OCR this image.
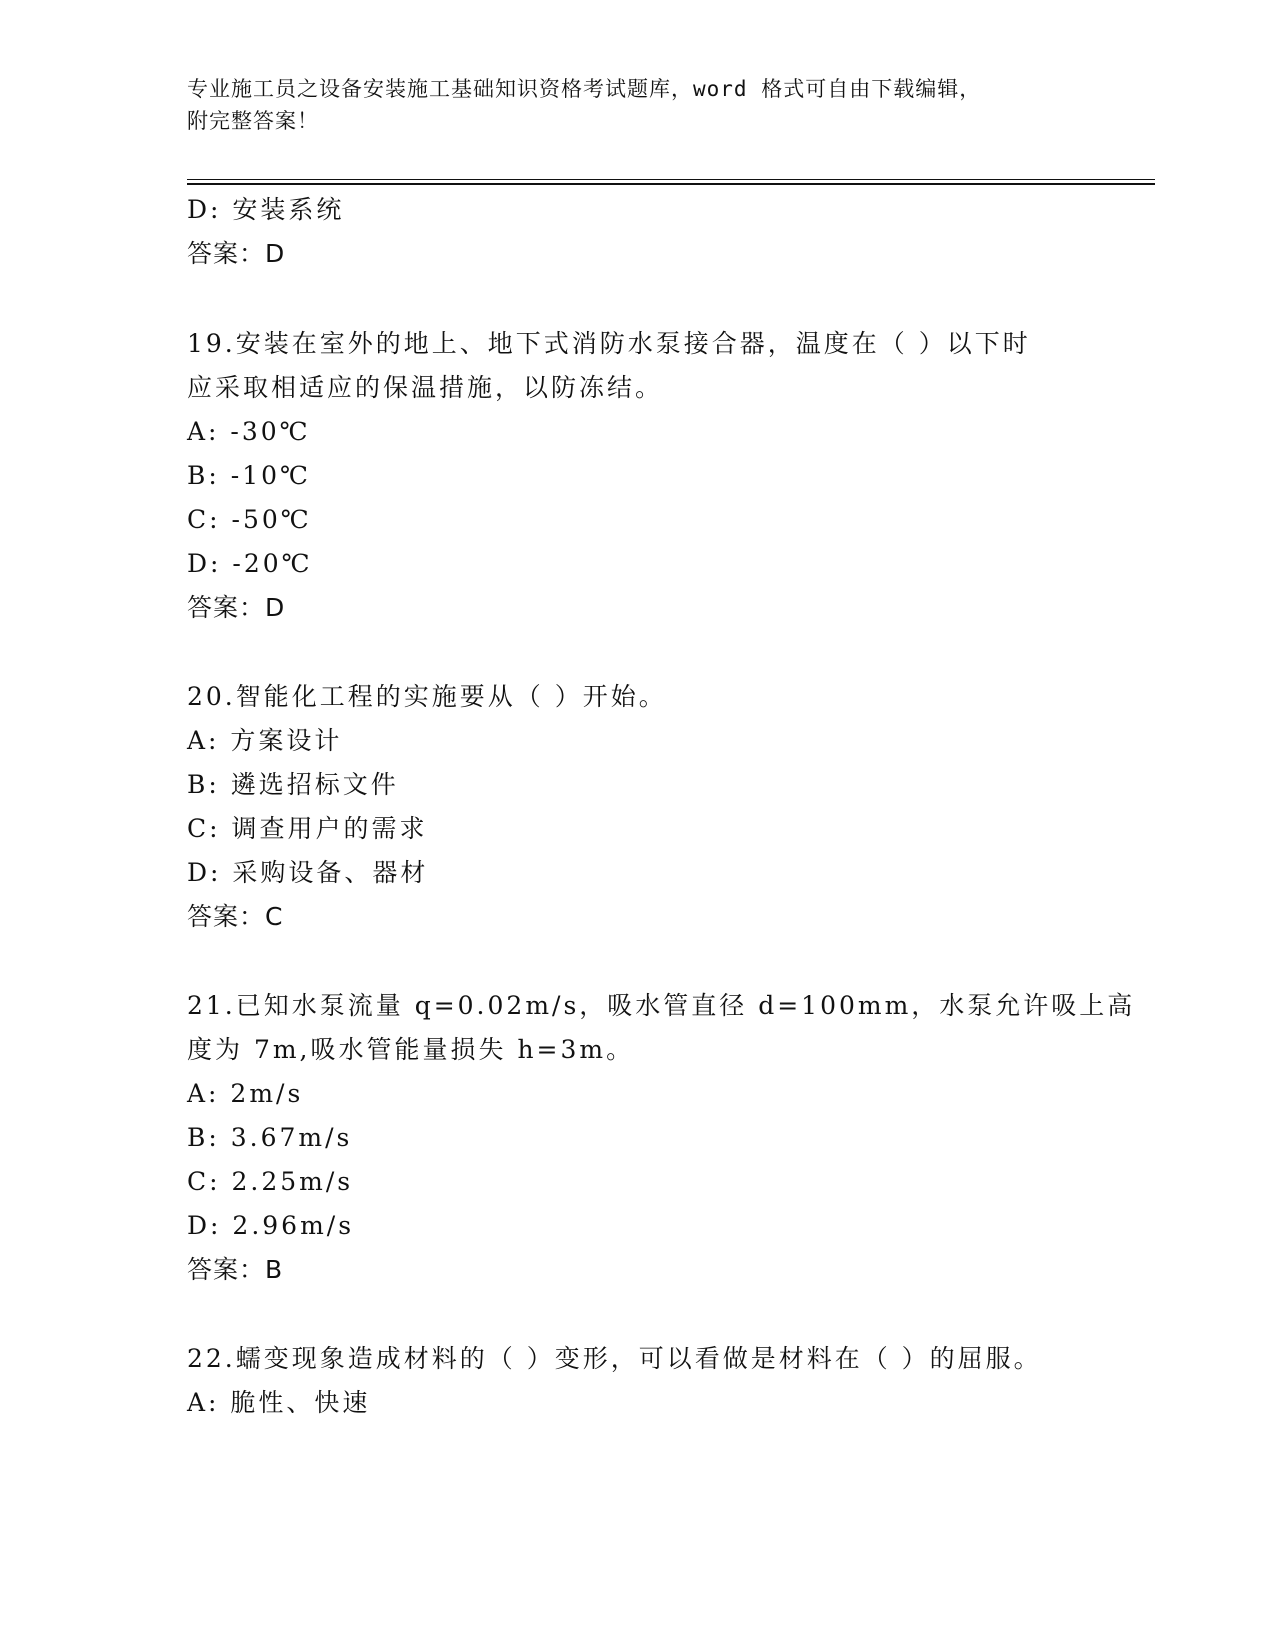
专业施工员之设备安装施工基础知识资格考试题库，word 格式可自由下载编辑，
附完整答案！
D: 安装系统
答案：D
19.安装在室外的地上、地下式消防水泵接合器，温度在（ ）以下时
应采取相适应的保温措施，以防冻结。
A: -30℃
B: -10℃
C: -50℃
D: -20℃
答案：D
20.智能化工程的实施要从（ ）开始。
A: 方案设计
B: 遴选招标文件
C: 调查用户的需求
D: 采购设备、器材
答案：C
21.已知水泵流量 q=0.02m/s，吸水管直径 d=100mm，水泵允许吸上高
度为 7m,吸水管能量损失 h=3m。
A: 2m/s
B: 3.67m/s
C: 2.25m/s
D: 2.96m/s
答案：B
22.蠕变现象造成材料的（ ）变形，可以看做是材料在（ ）的屈服。
A: 脆性、快速
